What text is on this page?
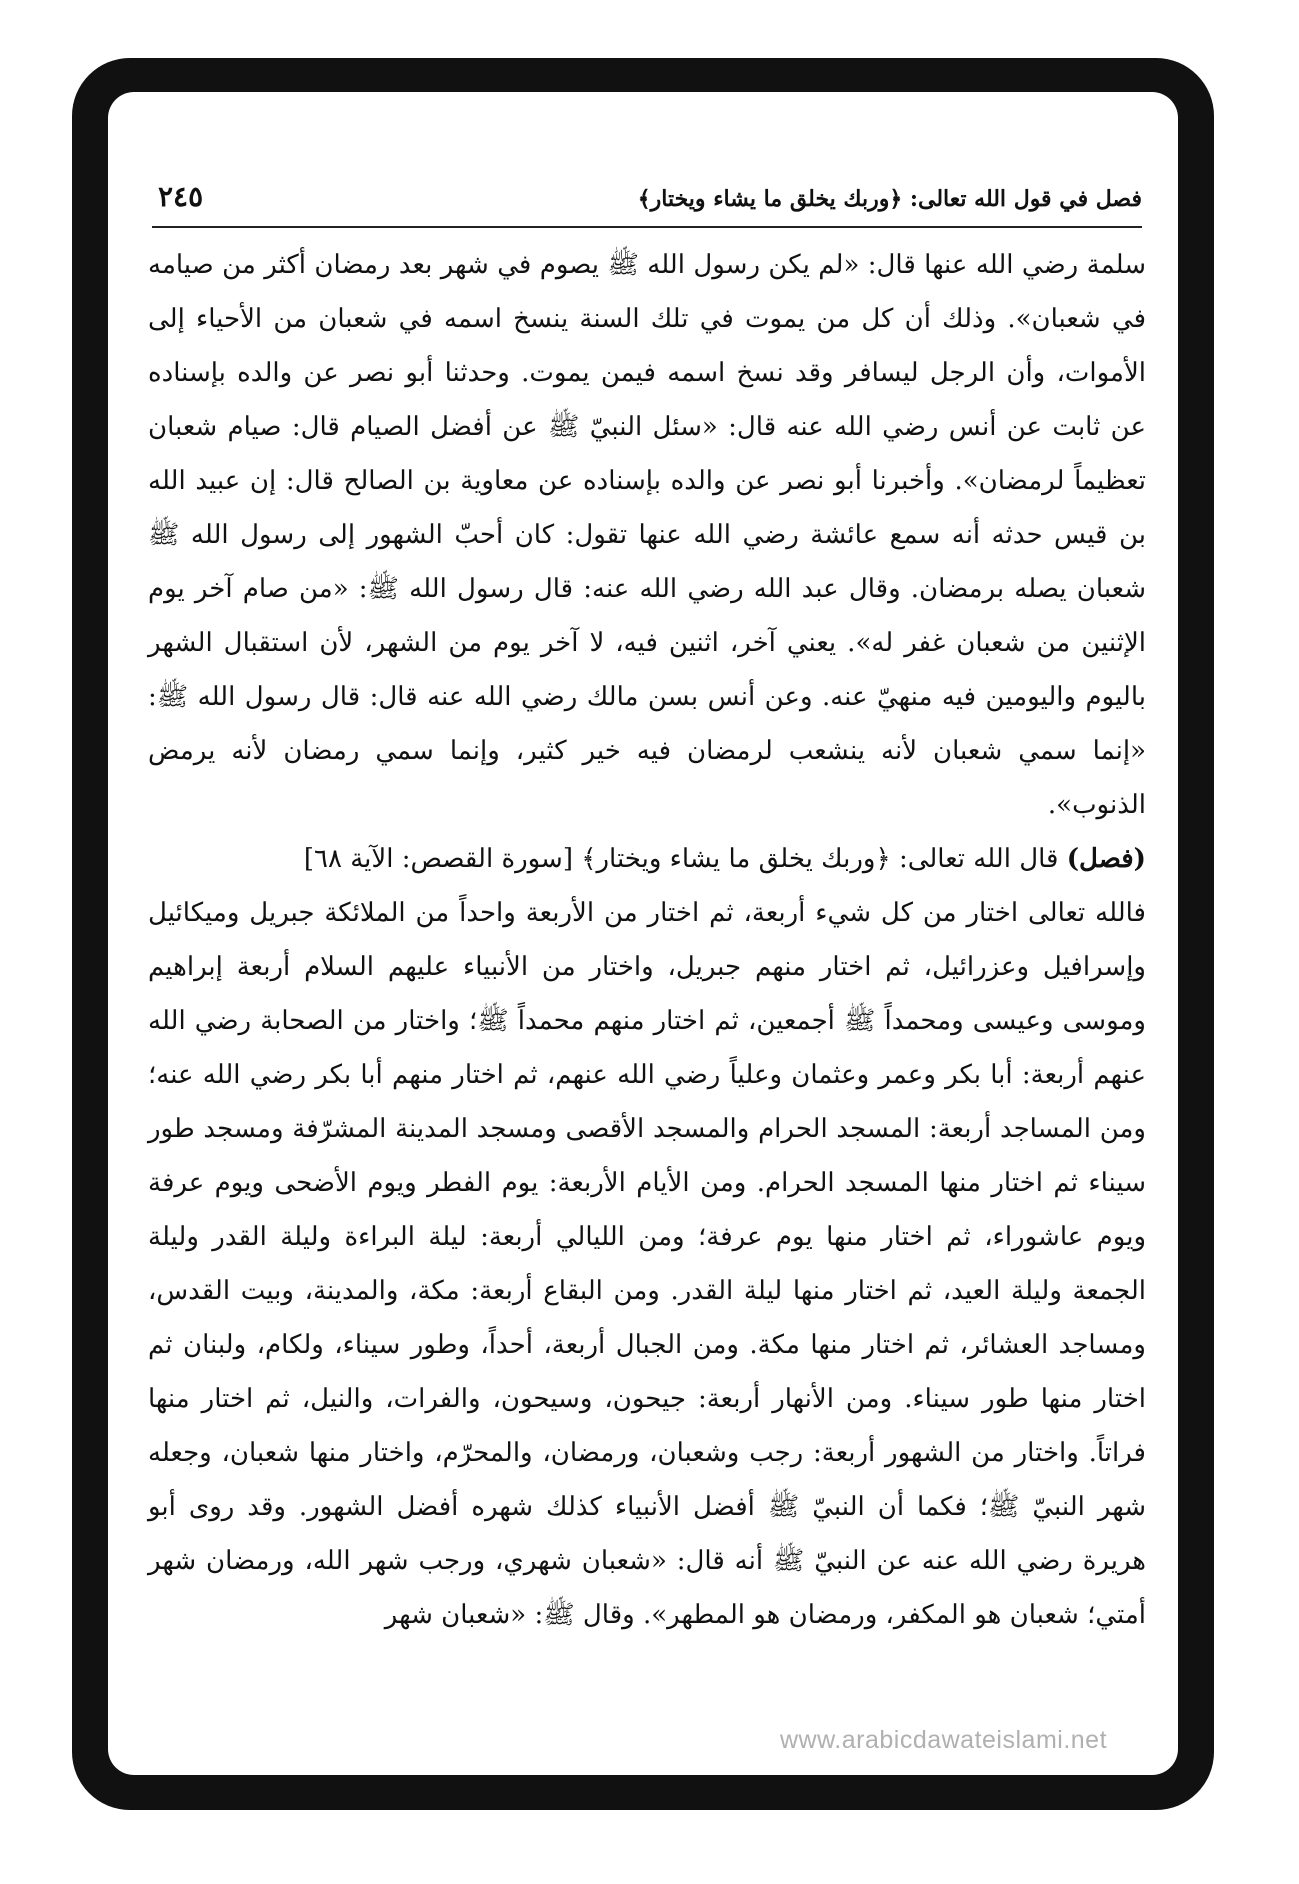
فصل في قول الله تعالى: ﴿وربك يخلق ما يشاء ويختار﴾
٢٤٥

سلمة رضي الله عنها قال: «لم يكن رسول الله ﷺ يصوم في شهر بعد رمضان أكثر من صيامه في شعبان». وذلك أن كل من يموت في تلك السنة ينسخ اسمه في شعبان من الأحياء إلى الأموات، وأن الرجل ليسافر وقد نسخ اسمه فيمن يموت. وحدثنا أبو نصر عن والده بإسناده عن ثابت عن أنس رضي الله عنه قال: «سئل النبيّ ﷺ عن أفضل الصيام قال: صيام شعبان تعظيماً لرمضان». وأخبرنا أبو نصر عن والده بإسناده عن معاوية بن الصالح قال: إن عبيد الله بن قيس حدثه أنه سمع عائشة رضي الله عنها تقول: كان أحبّ الشهور إلى رسول الله ﷺ شعبان يصله برمضان. وقال عبد الله رضي الله عنه: قال رسول الله ﷺ: «من صام آخر يوم الإثنين من شعبان غفر له». يعني آخر، اثنين فيه، لا آخر يوم من الشهر، لأن استقبال الشهر باليوم واليومين فيه منهيّ عنه. وعن أنس بسن مالك رضي الله عنه قال: قال رسول الله ﷺ: «إنما سمي شعبان لأنه ينشعب لرمضان فيه خير كثير، وإنما سمي رمضان لأنه يرمض الذنوب».

(فصل) قال الله تعالى: ﴿وربك يخلق ما يشاء ويختار﴾ [سورة القصص: الآية ٦٨]

فالله تعالى اختار من كل شيء أربعة، ثم اختار من الأربعة واحداً من الملائكة جبريل وميكائيل وإسرافيل وعزرائيل، ثم اختار منهم جبريل، واختار من الأنبياء عليهم السلام أربعة إبراهيم وموسى وعيسى ومحمداً ﷺ أجمعين، ثم اختار منهم محمداً ﷺ؛ واختار من الصحابة رضي الله عنهم أربعة: أبا بكر وعمر وعثمان وعلياً رضي الله عنهم، ثم اختار منهم أبا بكر رضي الله عنه؛ ومن المساجد أربعة: المسجد الحرام والمسجد الأقصى ومسجد المدينة المشرّفة ومسجد طور سيناء ثم اختار منها المسجد الحرام. ومن الأيام الأربعة: يوم الفطر ويوم الأضحى ويوم عرفة ويوم عاشوراء، ثم اختار منها يوم عرفة؛ ومن الليالي أربعة: ليلة البراءة وليلة القدر وليلة الجمعة وليلة العيد، ثم اختار منها ليلة القدر. ومن البقاع أربعة: مكة، والمدينة، وبيت القدس، ومساجد العشائر، ثم اختار منها مكة. ومن الجبال أربعة، أحداً، وطور سيناء، ولكام، ولبنان ثم اختار منها طور سيناء. ومن الأنهار أربعة: جيحون، وسيحون، والفرات، والنيل، ثم اختار منها فراتاً. واختار من الشهور أربعة: رجب وشعبان، ورمضان، والمحرّم، واختار منها شعبان، وجعله شهر النبيّ ﷺ؛ فكما أن النبيّ ﷺ أفضل الأنبياء كذلك شهره أفضل الشهور. وقد روى أبو هريرة رضي الله عنه عن النبيّ ﷺ أنه قال: «شعبان شهري، ورجب شهر الله، ورمضان شهر أمتي؛ شعبان هو المكفر، ورمضان هو المطهر». وقال ﷺ: «شعبان شهر

www.arabicdawateislami.net
